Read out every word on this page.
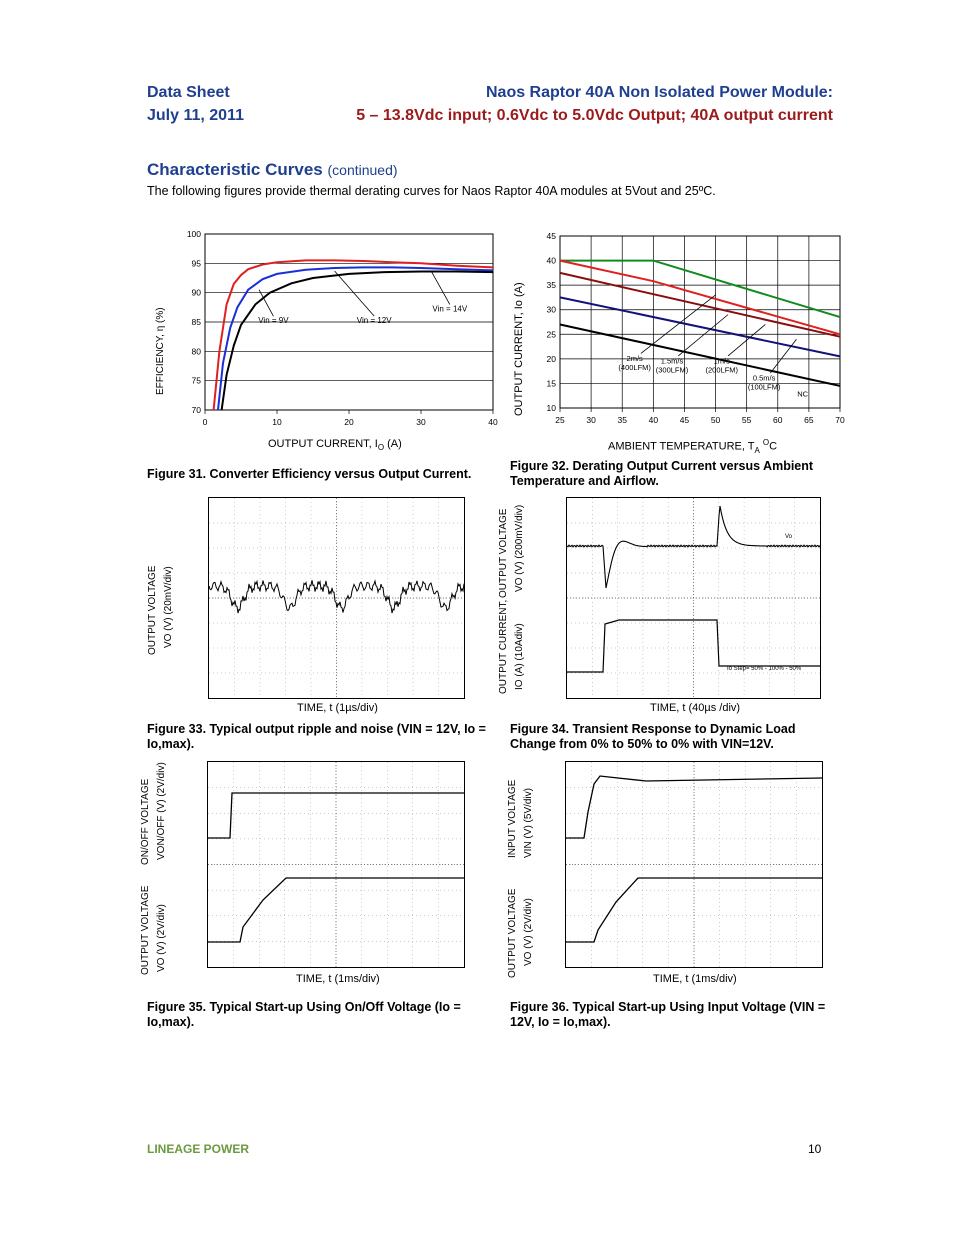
Data Sheet
July 11, 2011
Naos Raptor 40A Non Isolated Power Module:
5 – 13.8Vdc input; 0.6Vdc to 5.0Vdc Output; 40A output current
Characteristic Curves (continued)
The following figures provide thermal derating curves for Naos Raptor 40A modules at 5Vout and 25ºC.
70
75
80
85
90
95
100
0	10	20	30	40
Vin = 9V	Vin = 12V
Vin = 14V
EFFICIENCY, η (%)
OUTPUT CURRENT, $I_O$ (A)
10
15
20
25
30
35
40
45
25	30	35	40	45	50	55	60	65	70
2m/s
(400LFM)
1.5m/s
(300LFM)
1m/s
(200LFM)
0.5m/s
(100LFM)
NC
OUTPUT CURRENT, Io (A)
AMBIENT TEMPERATURE, $T_A$ $^O$C
Figure 31. Converter Efficiency versus Output Current.
Figure 32. Derating Output Current versus Ambient Temperature and Airflow.
OUTPUT VOLTAGE VO (V) (20mV/div)
TIME, t (1µs/div)
Vo
Io Step= 50% - 100% - 50%
OUTPUT VOLTAGE VO (V) (200mV/div)
OUTPUT CURRENT, IO (A) (10Adiv)
TIME, t (40µs /div)
Figure 33. Typical output ripple and noise (VIN = 12V, Io = Io,max).
Figure 34. Transient Response to Dynamic Load Change from 0% to 50% to 0% with VIN=12V.
ON/OFF VOLTAGE VON/OFF (V) (2V/div)
OUTPUT VOLTAGE VO (V) (2V/div)
TIME, t (1ms/div)
INPUT VOLTAGE VIN (V) (5V/div)
OUTPUT VOLTAGE VO (V) (2V/div)
TIME, t (1ms/div)
Figure 35. Typical Start-up Using On/Off Voltage (Io = Io,max).
Figure 36. Typical Start-up Using Input Voltage (VIN = 12V, Io = Io,max).
LINEAGE POWER	10
